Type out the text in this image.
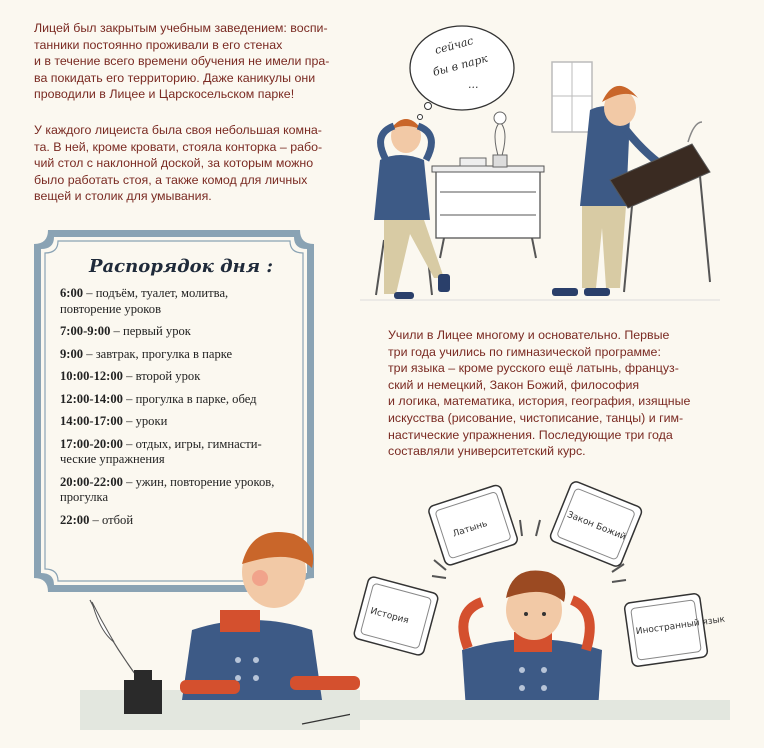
Лицей был закрытым учебным заведением: воспи-
танники постоянно проживали в его стенах
и в течение всего времени обучения не имели пра-
ва покидать его территорию. Даже каникулы они
проводили в Лицее и Царскосельском парке!
У каждого лицеиста была своя небольшая комна-
та. В ней, кроме кровати, стояла конторка – рабо-
чий стол с наклонной доской, за которым можно
было работать стоя, а также комод для личных
вещей и столик для умывания.
Распорядок дня :
6:00 – подъём, туалет, молитва,
повторение уроков
7:00-9:00 – первый урок
9:00 – завтрак, прогулка в парке
10:00-12:00 – второй урок
12:00-14:00 – прогулка в парке, обед
14:00-17:00 – уроки
17:00-20:00 – отдых, игры, гимнасти-
ческие упражнения
20:00-22:00 – ужин, повторение уроков,
прогулка
22:00 – отбой
Учили в Лицее многому и основательно. Первые
три года учились по гимназической программе:
три языка – кроме русского ещё латынь, француз-
ский и немецкий, Закон Божий, философия
и логика, математика, история, география, изящные
искусства (рисование, чистописание, танцы) и гим-
настические упражнения. Последующие три года
составляли университетский курс.
сейчас
бы в парк
...
Латынь	Закон Божий
История	Иностранный язык
